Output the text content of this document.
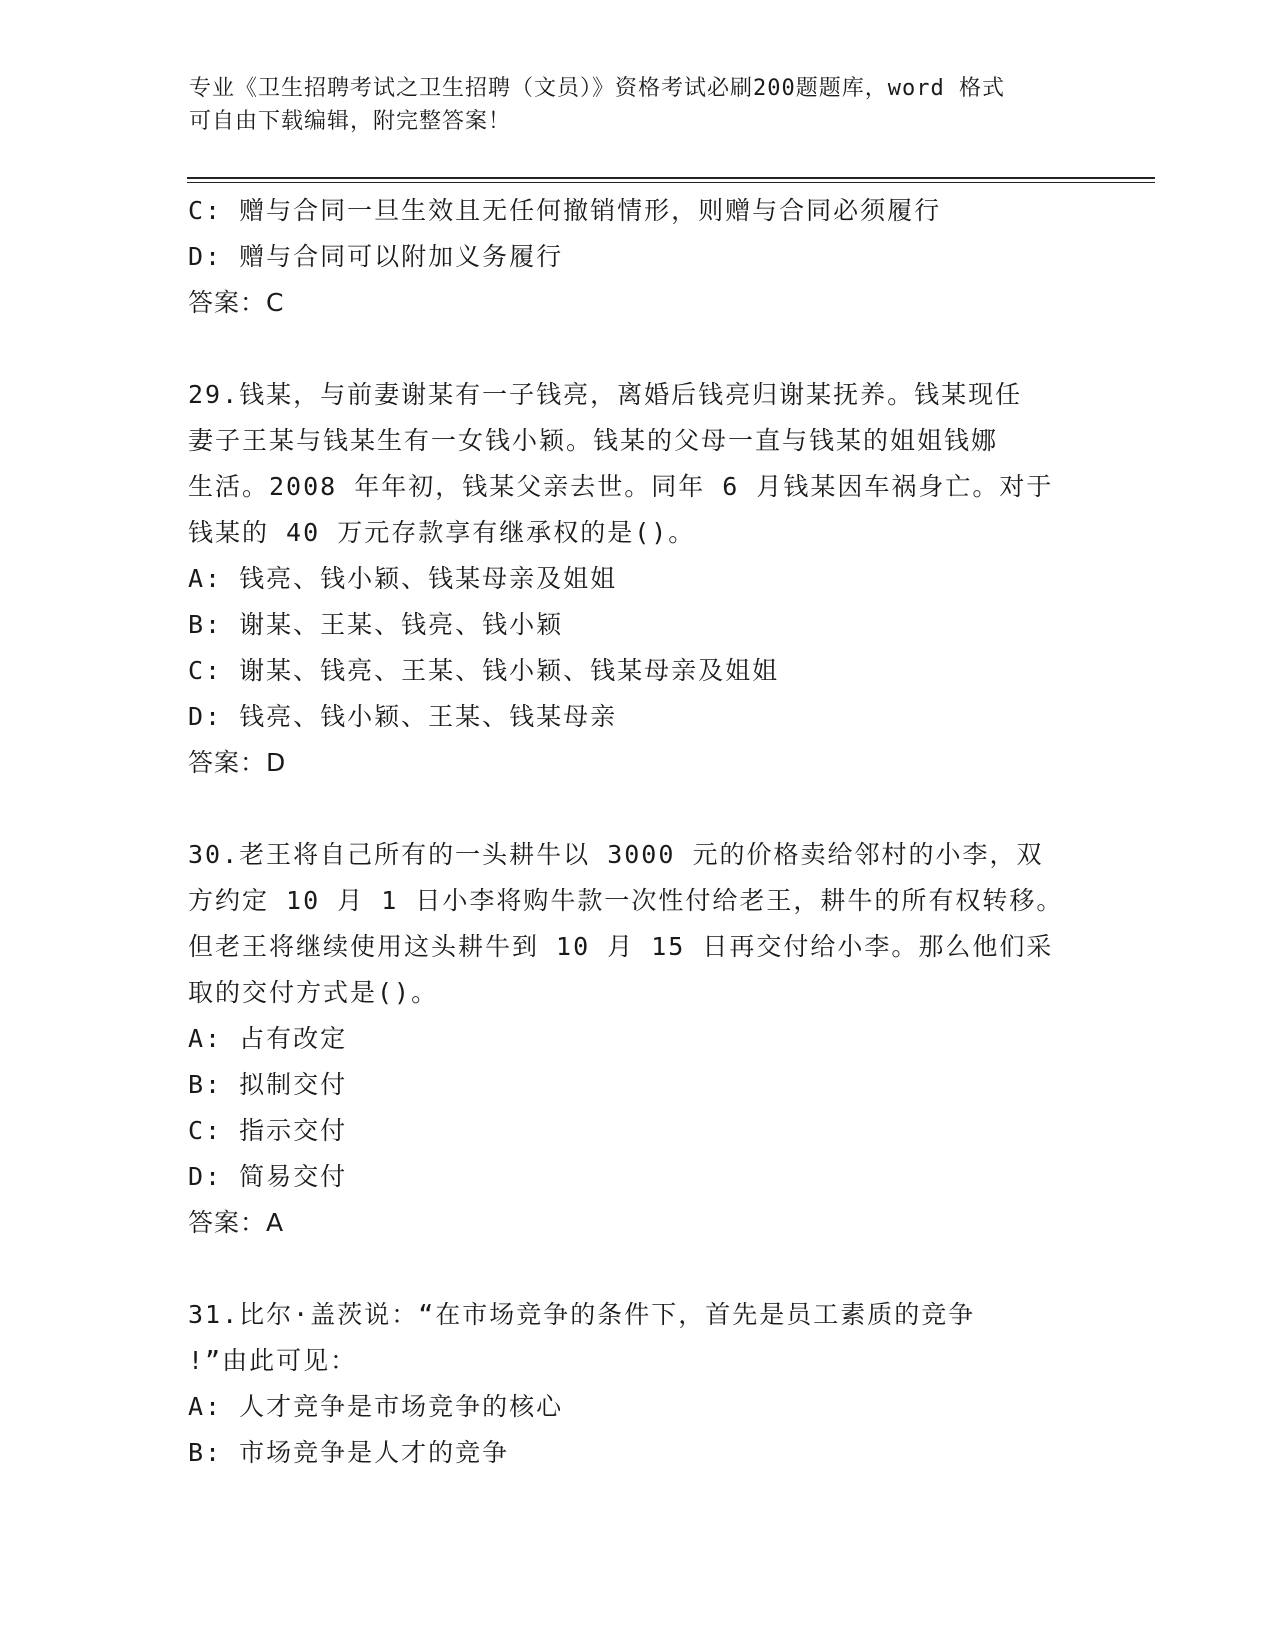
专业《卫生招聘考试之卫生招聘（文员）》资格考试必刷200题题库，word 格式
可自由下载编辑，附完整答案！
C: 赠与合同一旦生效且无任何撤销情形，则赠与合同必须履行
D: 赠与合同可以附加义务履行
答案：C
29.钱某，与前妻谢某有一子钱亮，离婚后钱亮归谢某抚养。钱某现任
妻子王某与钱某生有一女钱小颖。钱某的父母一直与钱某的姐姐钱娜
生活。2008 年年初，钱某父亲去世。同年 6 月钱某因车祸身亡。对于
钱某的 40 万元存款享有继承权的是()。
A: 钱亮、钱小颖、钱某母亲及姐姐
B: 谢某、王某、钱亮、钱小颖
C: 谢某、钱亮、王某、钱小颖、钱某母亲及姐姐
D: 钱亮、钱小颖、王某、钱某母亲
答案：D
30.老王将自己所有的一头耕牛以 3000 元的价格卖给邻村的小李，双
方约定 10 月 1 日小李将购牛款一次性付给老王，耕牛的所有权转移。
但老王将继续使用这头耕牛到 10 月 15 日再交付给小李。那么他们采
取的交付方式是()。
A: 占有改定
B: 拟制交付
C: 指示交付
D: 简易交付
答案：A
31.比尔·盖茨说：“在市场竞争的条件下，首先是员工素质的竞争
!”由此可见：
A: 人才竞争是市场竞争的核心
B: 市场竞争是人才的竞争
